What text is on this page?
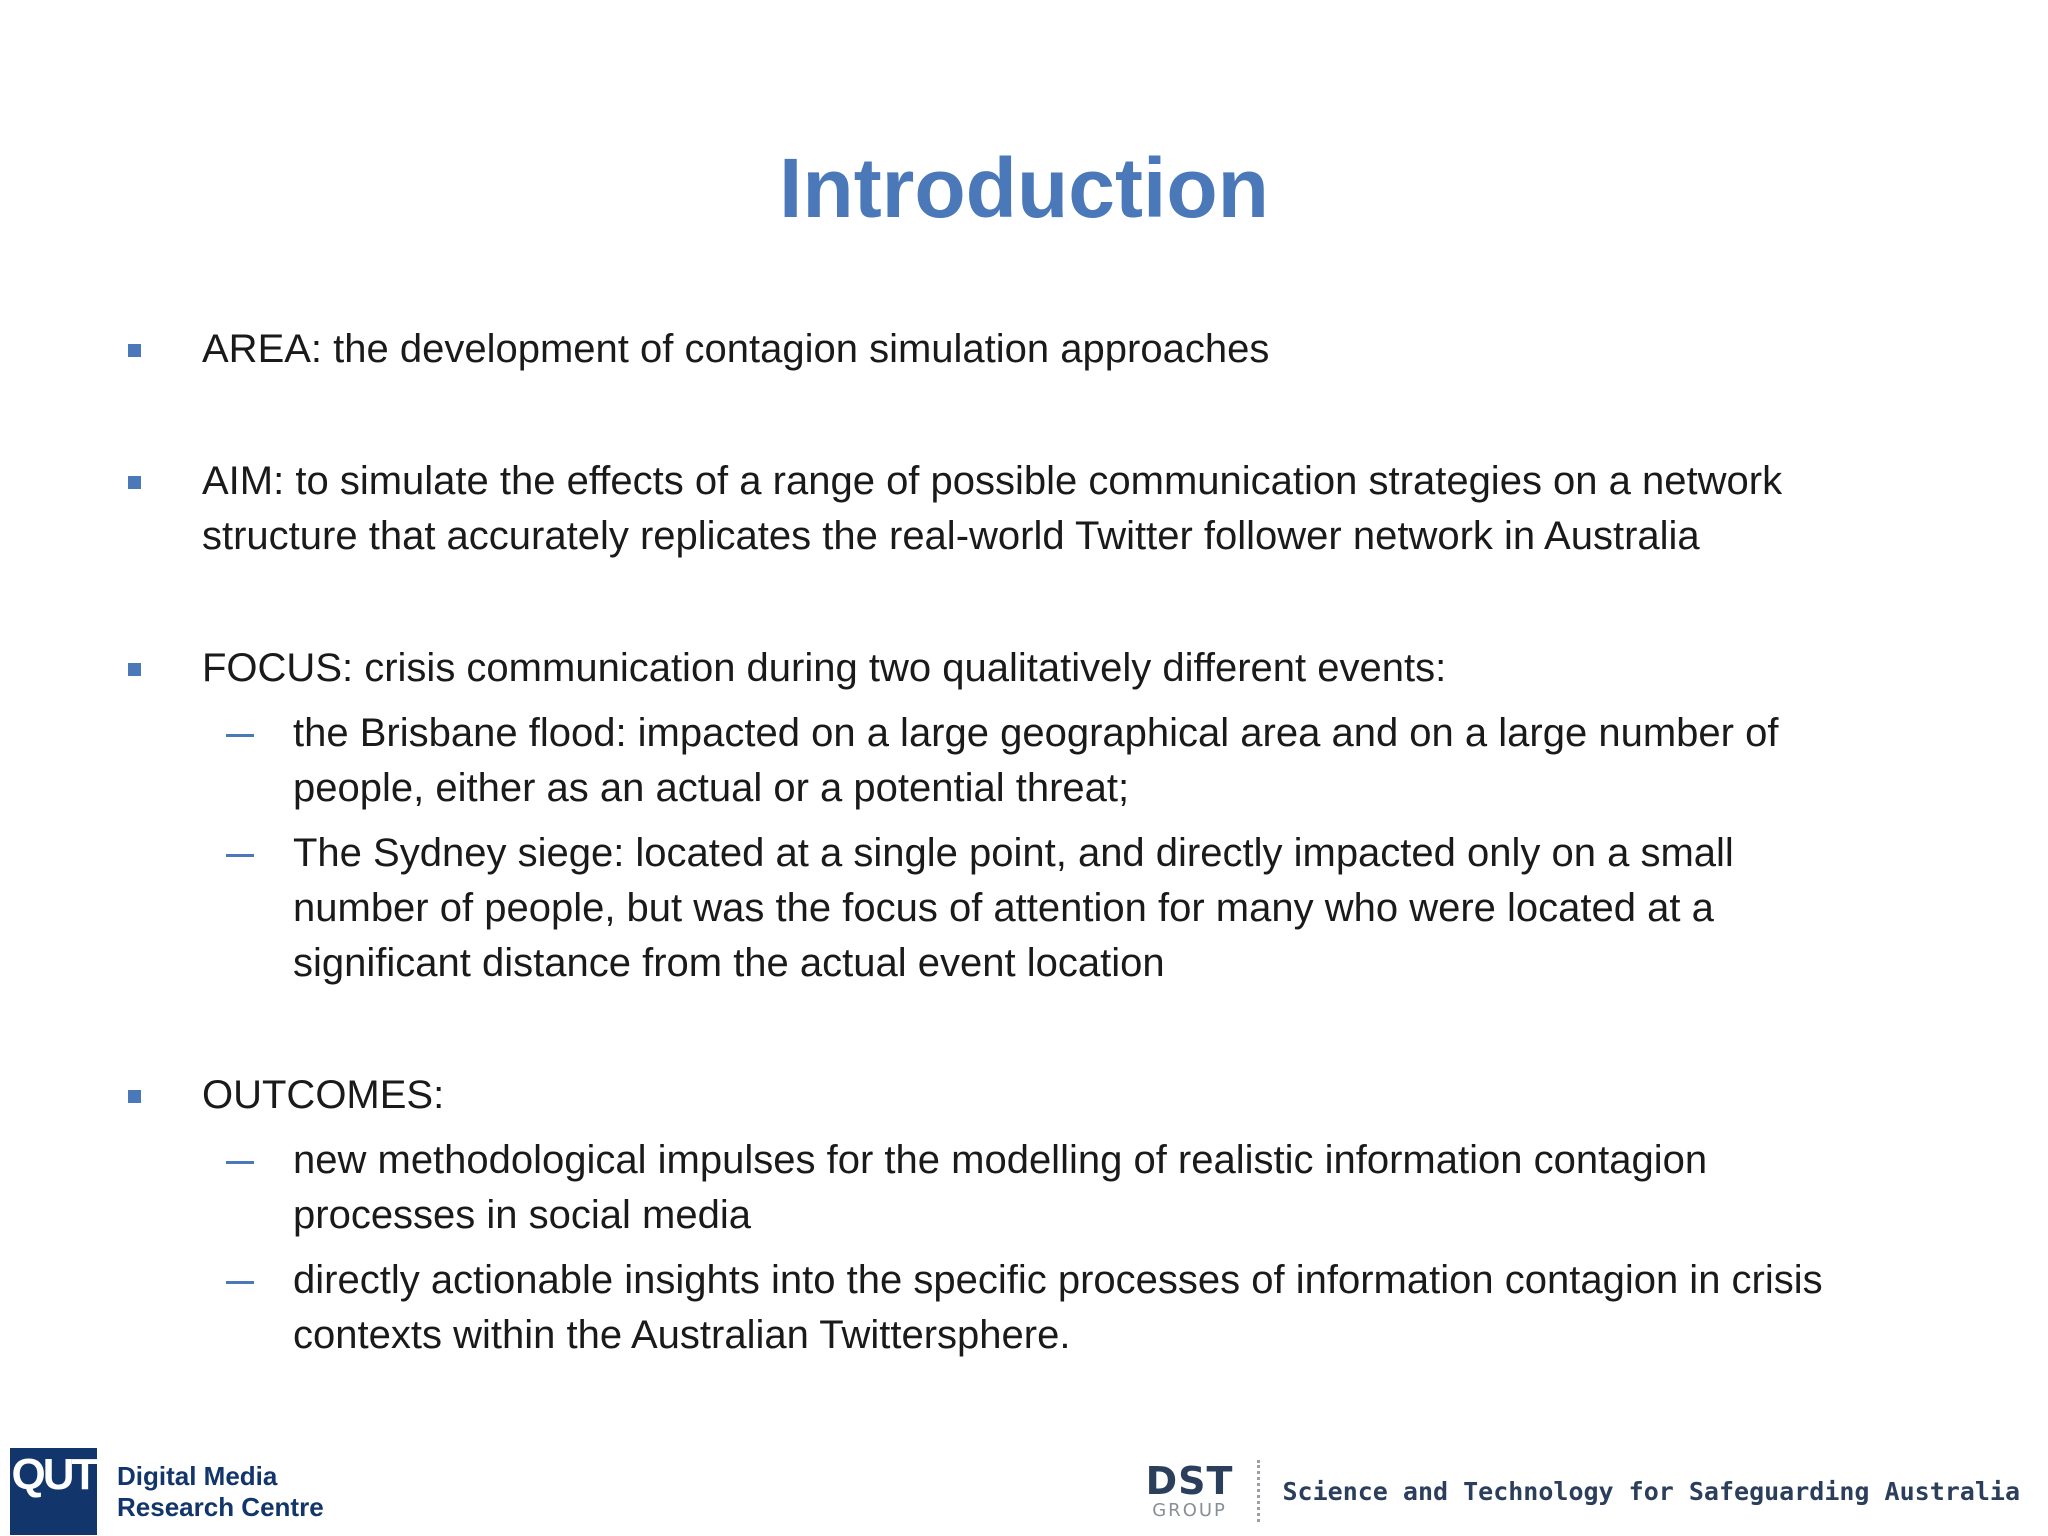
Introduction
AREA: the development of contagion simulation approaches
AIM: to simulate the effects of a range of possible communication strategies on a network
structure that accurately replicates the real-world Twitter follower network in Australia
FOCUS: crisis communication during two qualitatively different events:
the Brisbane flood: impacted on a large geographical area and on a large number of
people, either as an actual or a potential threat;
The Sydney siege: located at a single point, and directly impacted only on a small
number of people, but was the focus of attention for many who were located at a
significant distance from the actual event location
OUTCOMES:
new methodological impulses for the modelling of realistic information contagion
processes in social media
directly actionable insights into the specific processes of information contagion in crisis
contexts within the Australian Twittersphere.
QUT Digital Media
Research Centre
DST
GROUP
Science and Technology for Safeguarding Australia
